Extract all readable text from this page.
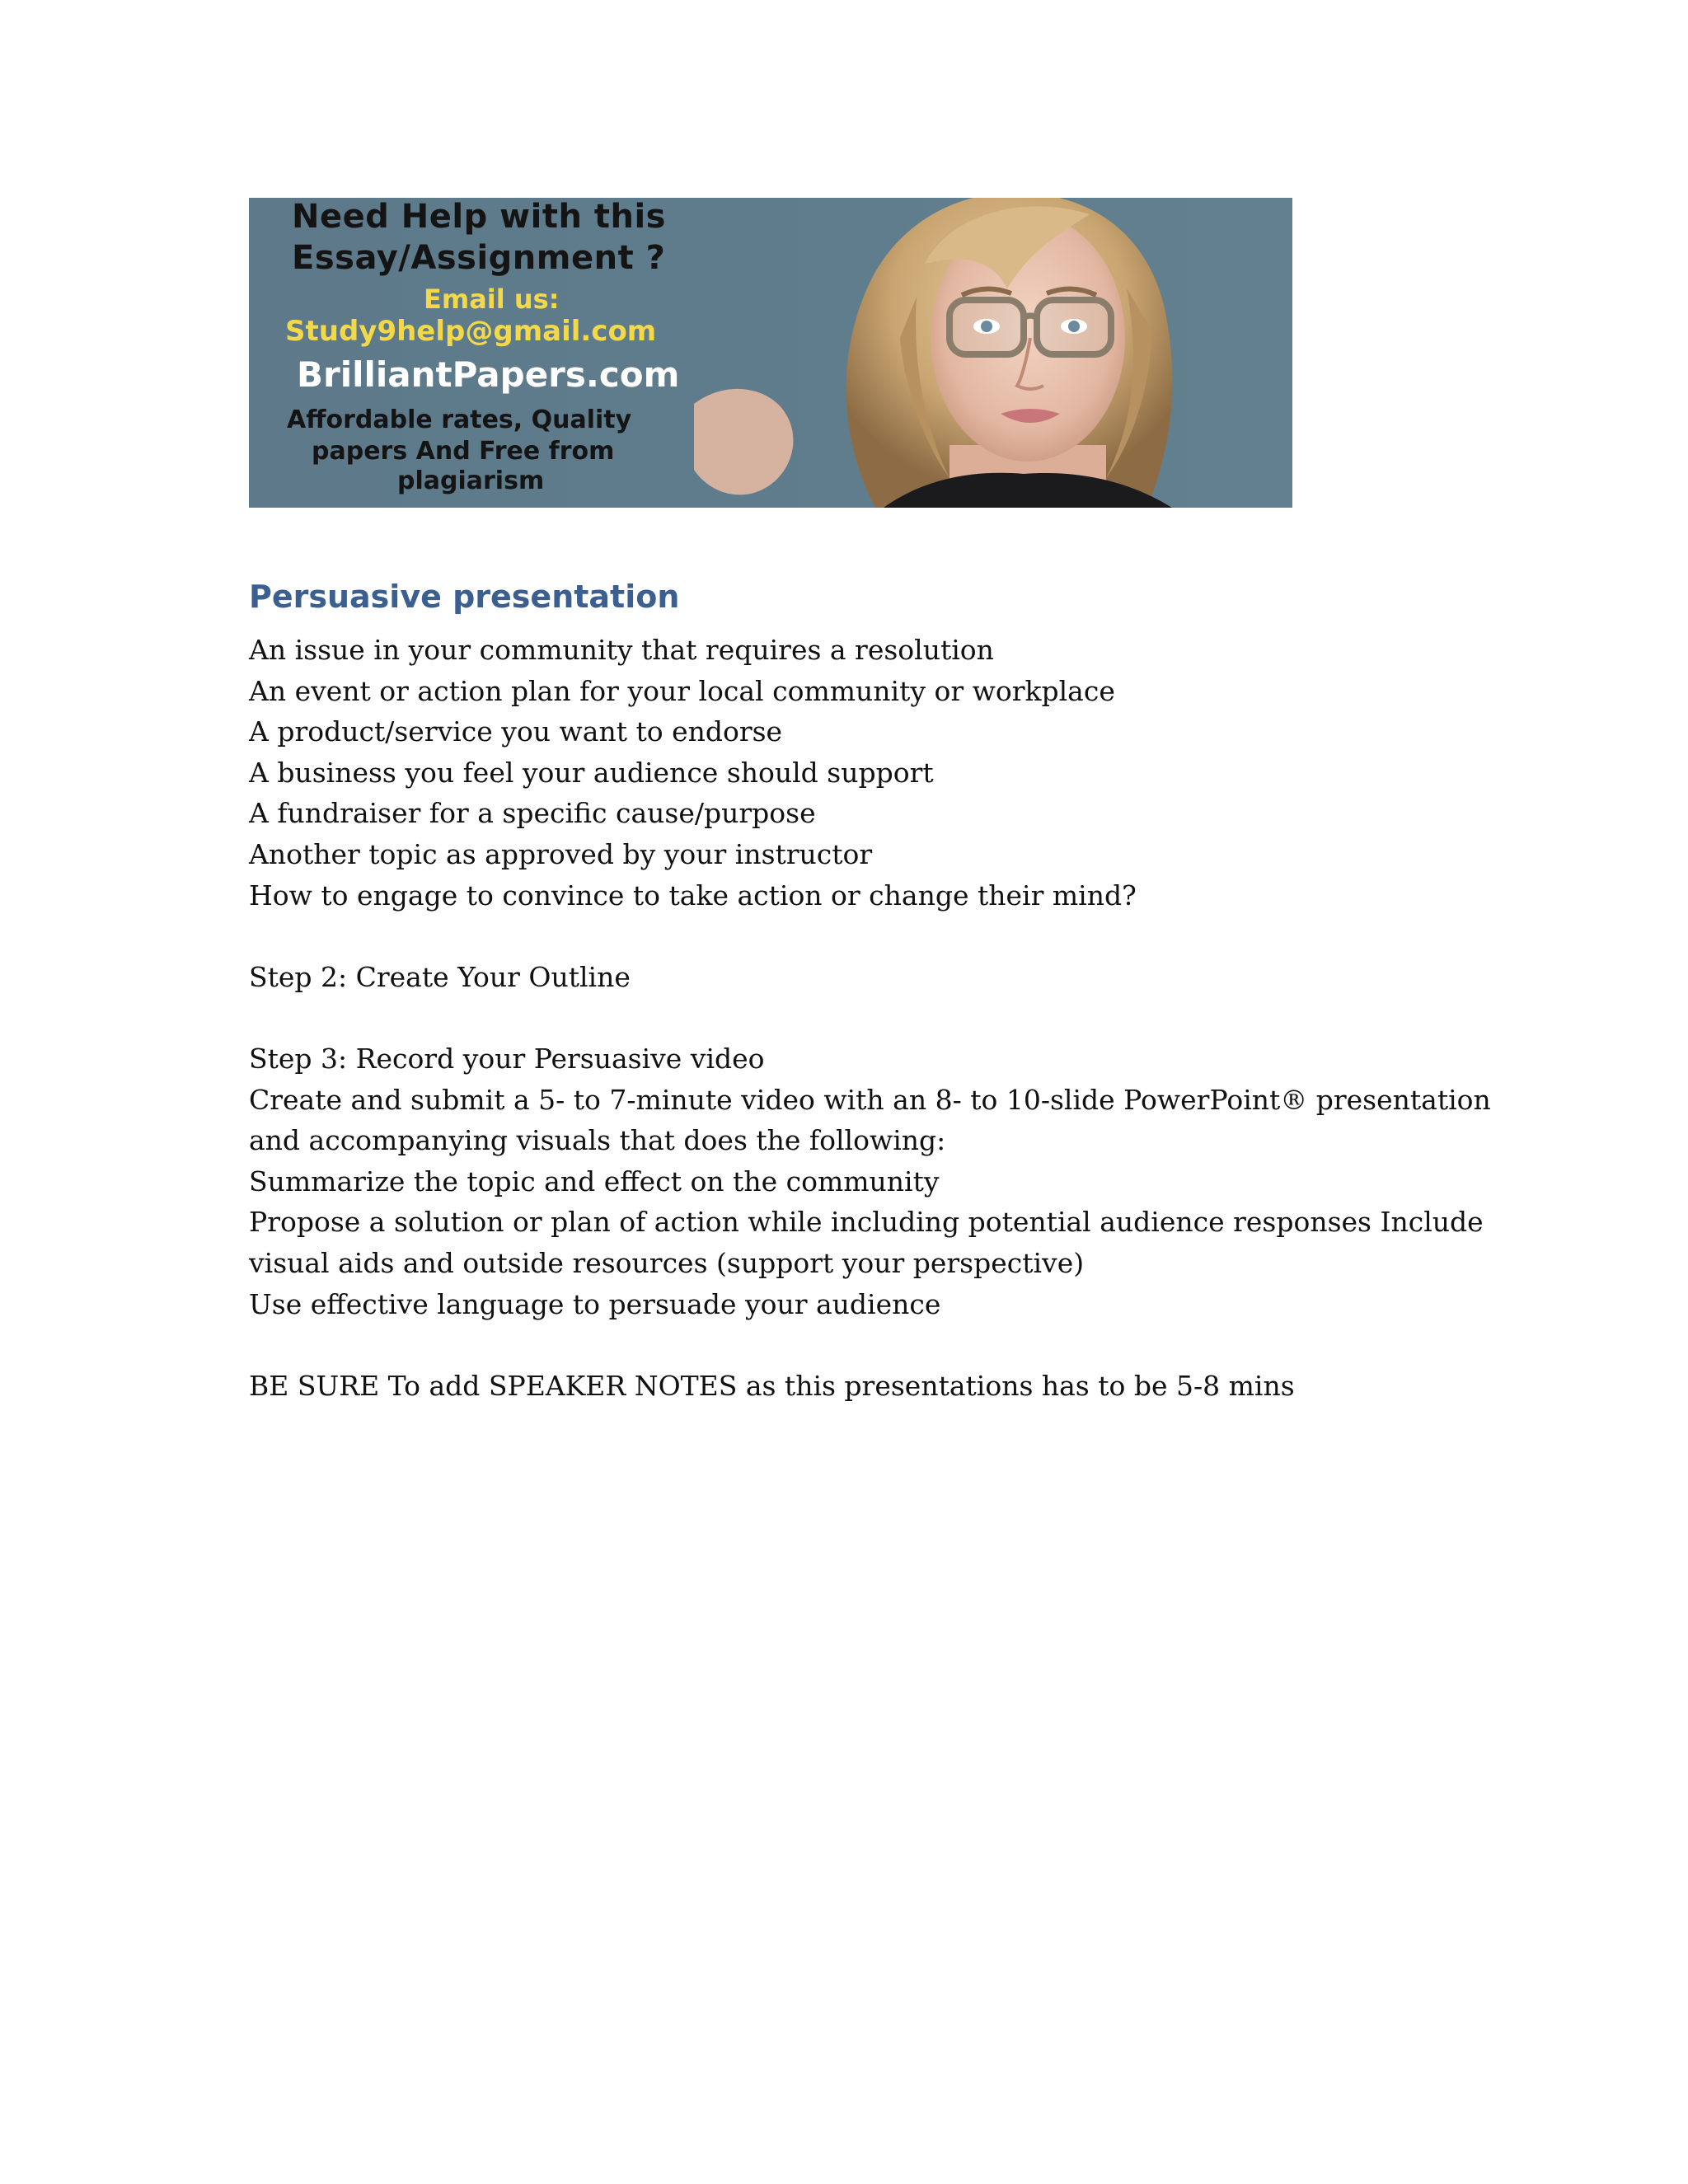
Need Help with this
Essay/Assignment ?
Email us:
Study9help@gmail.com
BrilliantPapers.com
Affordable rates, Quality
papers And Free from
plagiarism
Persuasive presentation
An issue in your community that requires a resolution
An event or action plan for your local community or workplace
A product/service you want to endorse
A business you feel your audience should support
A fundraiser for a specific cause/purpose
Another topic as approved by your instructor
How to engage to convince to take action or change their mind?
Step 2: Create Your Outline
Step 3: Record your Persuasive video
Create and submit a 5- to 7-minute video with an 8- to 10-slide PowerPoint® presentation
and accompanying visuals that does the following:
Summarize the topic and effect on the community
Propose a solution or plan of action while including potential audience responses Include
visual aids and outside resources (support your perspective)
Use effective language to persuade your audience
BE SURE To add SPEAKER NOTES as this presentations has to be 5-8 mins
